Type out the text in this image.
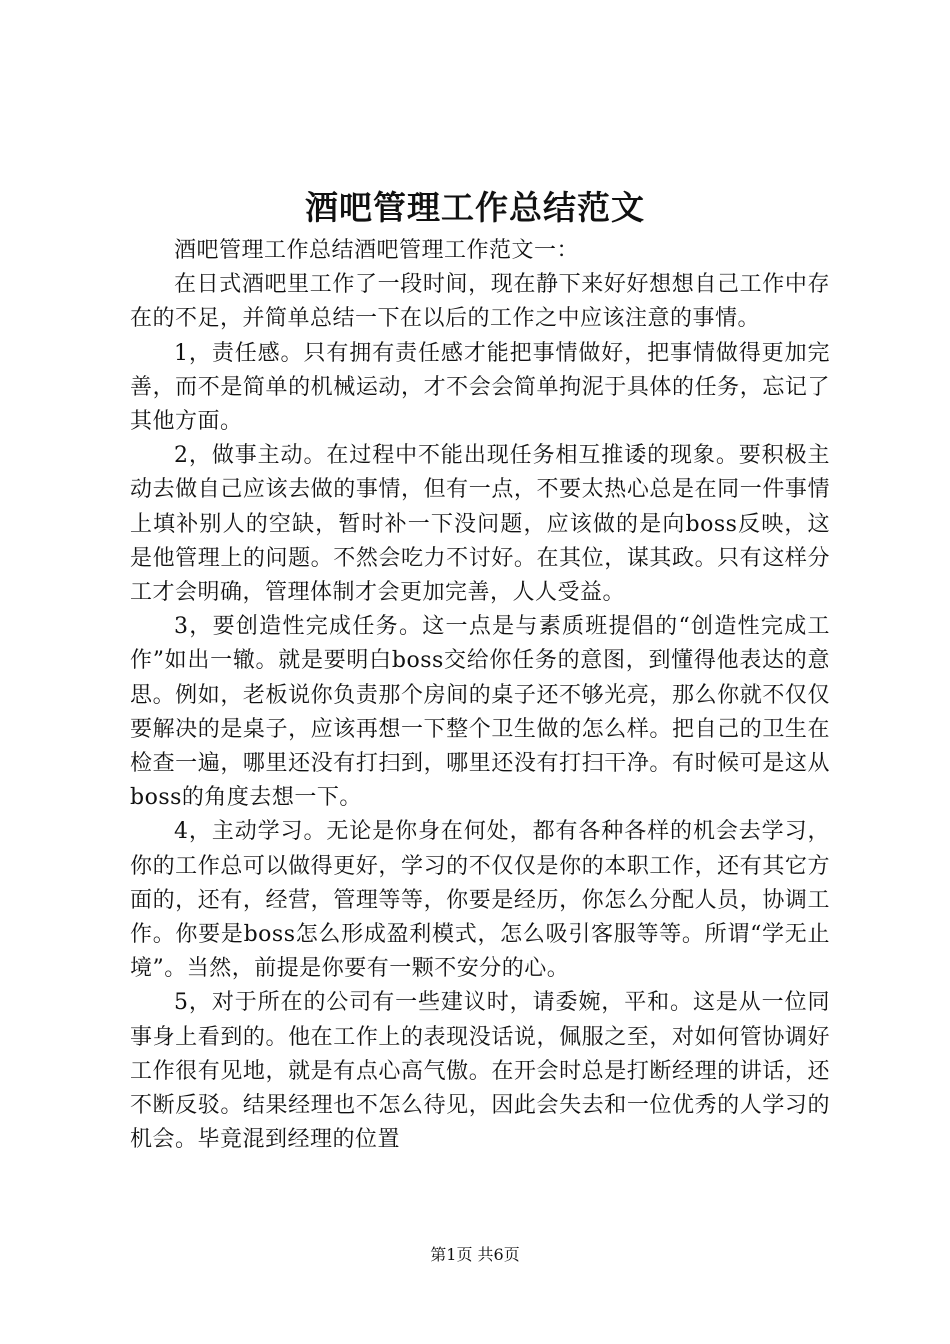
酒吧管理工作总结范文

酒吧管理工作总结酒吧管理工作范文一：

在日式酒吧里工作了一段时间，现在静下来好好想想自己工作中存在的不足，并简单总结一下在以后的工作之中应该注意的事情。

1，责任感。只有拥有责任感才能把事情做好，把事情做得更加完善，而不是简单的机械运动，才不会会简单拘泥于具体的任务，忘记了其他方面。

2，做事主动。在过程中不能出现任务相互推诿的现象。要积极主动去做自己应该去做的事情，但有一点，不要太热心总是在同一件事情上填补别人的空缺，暂时补一下没问题，应该做的是向boss反映，这是他管理上的问题。不然会吃力不讨好。在其位，谋其政。只有这样分工才会明确，管理体制才会更加完善，人人受益。

3，要创造性完成任务。这一点是与素质班提倡的“创造性完成工作”如出一辙。就是要明白boss交给你任务的意图，到懂得他表达的意思。例如，老板说你负责那个房间的桌子还不够光亮，那么你就不仅仅要解决的是桌子，应该再想一下整个卫生做的怎么样。把自己的卫生在检查一遍，哪里还没有打扫到，哪里还没有打扫干净。有时候可是这从boss的角度去想一下。

4，主动学习。无论是你身在何处，都有各种各样的机会去学习，你的工作总可以做得更好，学习的不仅仅是你的本职工作，还有其它方面的，还有，经营，管理等等，你要是经历，你怎么分配人员，协调工作。你要是boss怎么形成盈利模式，怎么吸引客服等等。所谓“学无止境”。当然，前提是你要有一颗不安分的心。

5，对于所在的公司有一些建议时，请委婉，平和。这是从一位同事身上看到的。他在工作上的表现没话说，佩服之至，对如何管协调好工作很有见地，就是有点心高气傲。在开会时总是打断经理的讲话，还不断反驳。结果经理也不怎么待见，因此会失去和一位优秀的人学习的机会。毕竟混到经理的位置

第1页 共6页
